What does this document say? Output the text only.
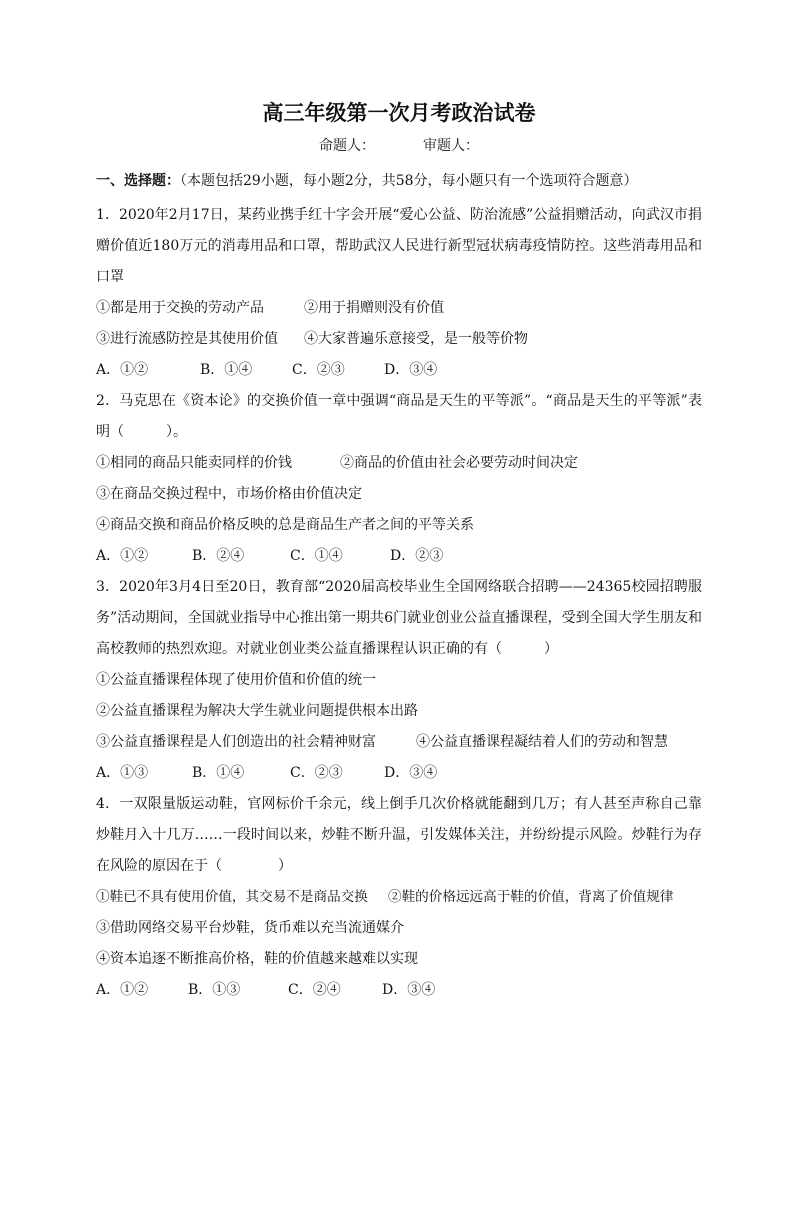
高三年级第一次月考政治试卷
命题人：	审题人：
一、选择题：（本题包括29小题，每小题2分，共58分，每小题只有一个选项符合题意）
1．2020年2月17日，某药业携手红十字会开展“爱心公益、防治流感”公益捐赠活动，向武汉市捐赠价值近180万元的消毒用品和口罩，帮助武汉人民进行新型冠状病毒疫情防控。这些消毒用品和口罩
①都是用于交换的劳动产品	②用于捐赠则没有价值
③进行流感防控是其使用价值 ④大家普遍乐意接受，是一般等价物
A．①②	B．①④	C．②③	D．③④
2．马克思在《资本论》的交换价值一章中强调“商品是天生的平等派”。“商品是天生的平等派”表明（　　　）。
①相同的商品只能卖同样的价钱	②商品的价值由社会必要劳动时间决定
③在商品交换过程中，市场价格由价值决定
④商品交换和商品价格反映的总是商品生产者之间的平等关系
A．①②	B．②④	C．①④	D．②③
3．2020年3月4日至20日，教育部“2020届高校毕业生全国网络联合招聘——24365校园招聘服务”活动期间，全国就业指导中心推出第一期共6门就业创业公益直播课程，受到全国大学生朋友和高校教师的热烈欢迎。对就业创业类公益直播课程认识正确的有（　　　）
①公益直播课程体现了使用价值和价值的统一
②公益直播课程为解决大学生就业问题提供根本出路
③公益直播课程是人们创造出的社会精神财富	④公益直播课程凝结着人们的劳动和智慧
A．①③	B．①④	C．②③	D．③④
4．一双限量版运动鞋，官网标价千余元，线上倒手几次价格就能翻到几万；有人甚至声称自己靠炒鞋月入十几万……一段时间以来，炒鞋不断升温，引发媒体关注，并纷纷提示风险。炒鞋行为存在风险的原因在于（　　　　）
①鞋已不具有使用价值，其交易不是商品交换 ②鞋的价格远远高于鞋的价值，背离了价值规律
③借助网络交易平台炒鞋，货币难以充当流通媒介
④资本追逐不断推高价格，鞋的价值越来越难以实现
A．①②	B．①③	C．②④	D．③④
